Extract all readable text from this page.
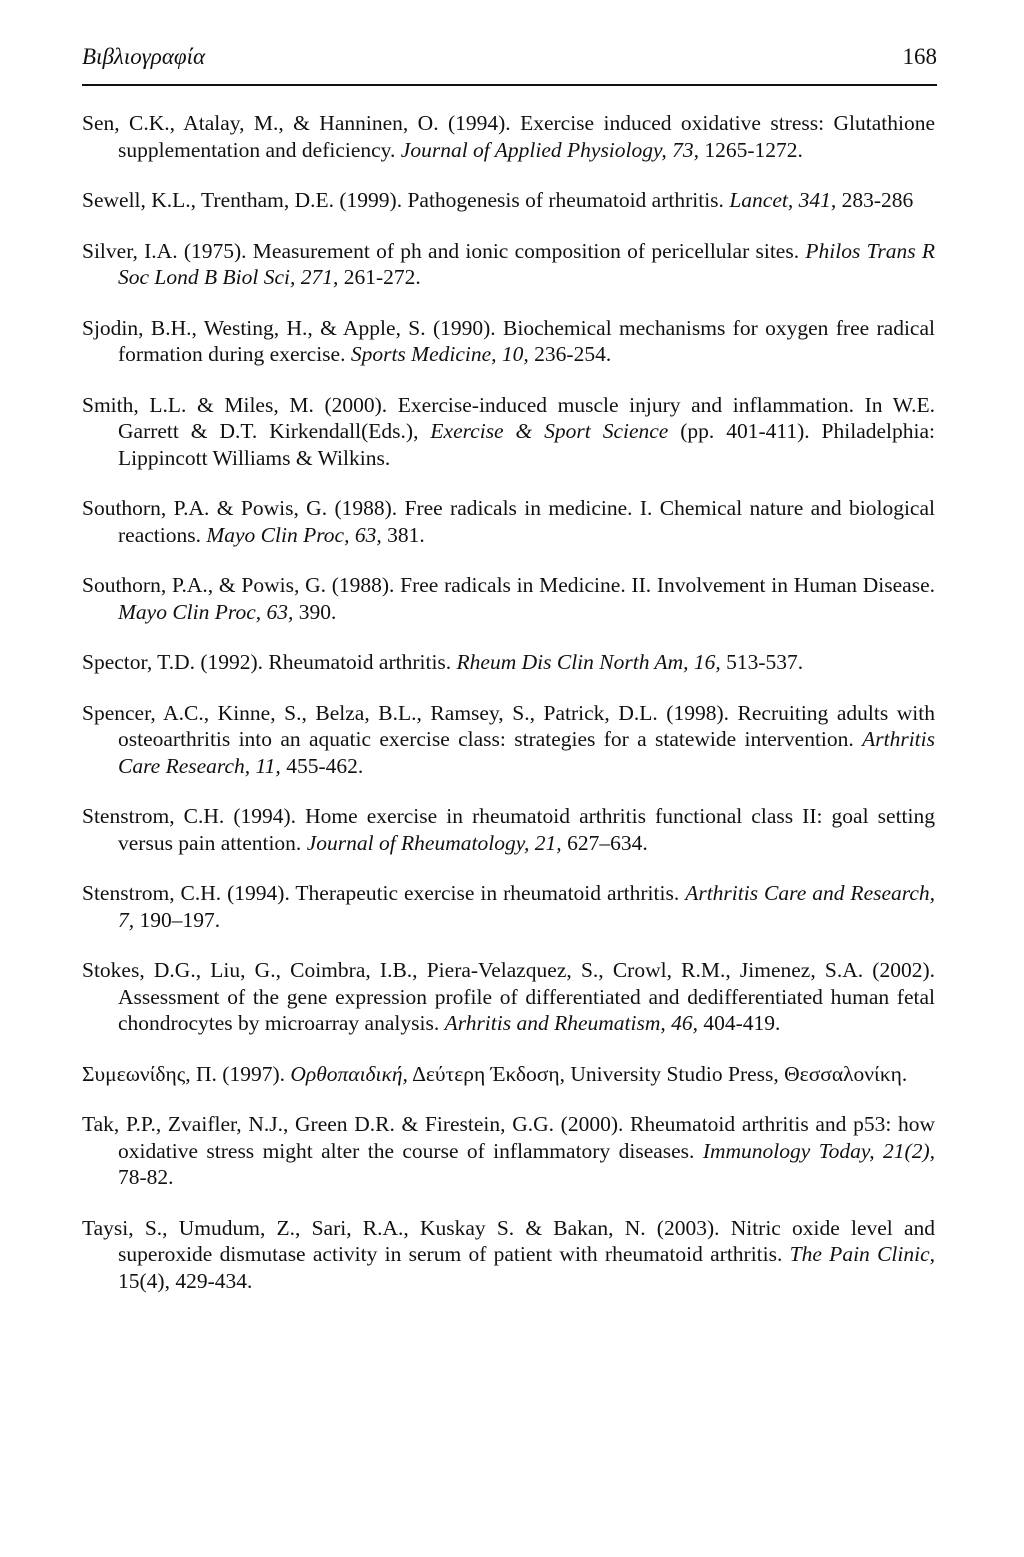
Βιβλιογραφία	168

Sen, C.K., Atalay, M., & Hanninen, O. (1994). Exercise induced oxidative stress: Glutathione supplementation and deficiency. Journal of Applied Physiology, 73, 1265-1272.

Sewell, K.L., Trentham, D.E. (1999). Pathogenesis of rheumatoid arthritis. Lancet, 341, 283-286

Silver, I.A. (1975). Measurement of ph and ionic composition of pericellular sites. Philos Trans R Soc Lond B Biol Sci, 271, 261-272.

Sjodin, B.H., Westing, H., & Apple, S. (1990). Biochemical mechanisms for oxygen free radical formation during exercise. Sports Medicine, 10, 236-254.

Smith, L.L. & Miles, M. (2000). Exercise-induced muscle injury and inflammation. In W.E. Garrett & D.T. Kirkendall(Eds.), Exercise & Sport Science (pp. 401-411). Philadelphia: Lippincott Williams & Wilkins.

Southorn, P.A. & Powis, G. (1988). Free radicals in medicine. I. Chemical nature and biological reactions. Mayo Clin Proc, 63, 381.

Southorn, P.A., & Powis, G. (1988). Free radicals in Medicine. II. Involvement in Human Disease. Mayo Clin Proc, 63, 390.

Spector, T.D. (1992). Rheumatoid arthritis. Rheum Dis Clin North Am, 16, 513-537.

Spencer, A.C., Kinne, S., Belza, B.L., Ramsey, S., Patrick, D.L. (1998). Recruiting adults with osteoarthritis into an aquatic exercise class: strategies for a statewide intervention. Arthritis Care Research, 11, 455-462.

Stenstrom, C.H. (1994). Home exercise in rheumatoid arthritis functional class II: goal setting versus pain attention. Journal of Rheumatology, 21, 627–634.

Stenstrom, C.H. (1994). Therapeutic exercise in rheumatoid arthritis. Arthritis Care and Research, 7, 190–197.

Stokes, D.G., Liu, G., Coimbra, I.B., Piera-Velazquez, S., Crowl, R.M., Jimenez, S.A. (2002). Assessment of the gene expression profile of differentiated and dedifferentiated human fetal chondrocytes by microarray analysis. Arhritis and Rheumatism, 46, 404-419.

Συμεωνίδης, Π. (1997). Ορθοπαιδική, Δεύτερη Έκδοση, University Studio Press, Θεσσαλονίκη.

Tak, P.P., Zvaifler, N.J., Green D.R. & Firestein, G.G. (2000). Rheumatoid arthritis and p53: how oxidative stress might alter the course of inflammatory diseases. Immunology Today, 21(2), 78-82.

Taysi, S., Umudum, Z., Sari, R.A., Kuskay S. & Bakan, N. (2003). Nitric oxide level and superoxide dismutase activity in serum of patient with rheumatoid arthritis. The Pain Clinic, 15(4), 429-434.
